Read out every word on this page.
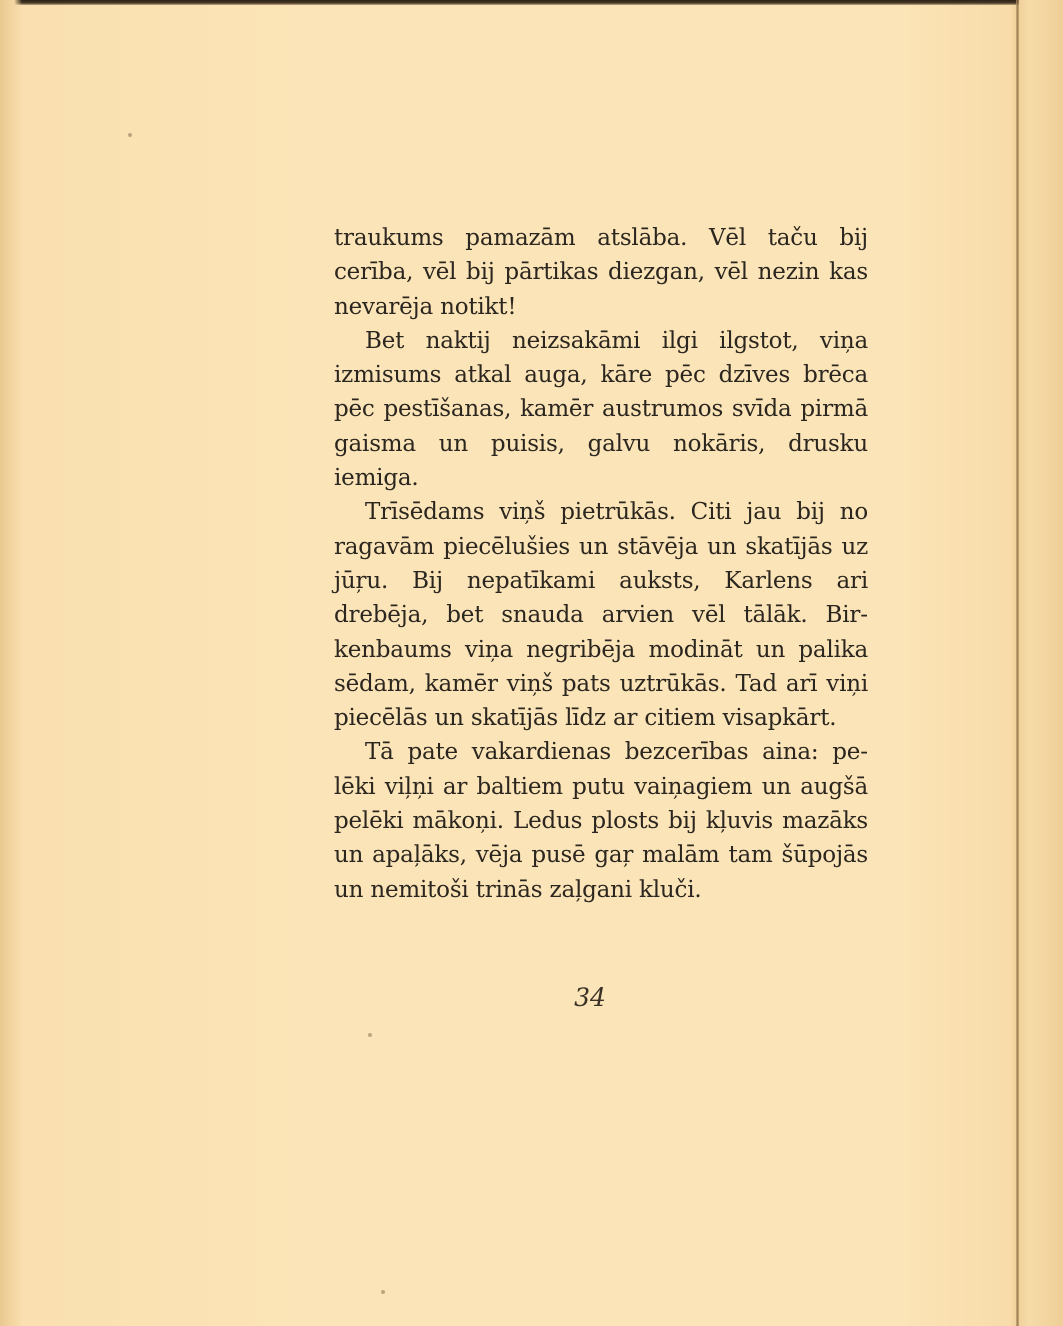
traukums pamazām atslāba. Vēl taču bij cerība, vēl bij pārtikas diezgan, vēl nezin kas nevarēja notikt!

Bet naktij neizsakāmi ilgi ilgstot, viņa izmisums atkal auga, kāre pēc dzīves brēca pēc pestīšanas, kamēr austrumos svīda pirmā gaisma un puisis, galvu nokāris, drusku iemiga.

Trīsēdams viņš pietrūkās. Citi jau bij no ragavām piecēlušies un stāvēja un skatījās uz jūŗu. Bij nepatīkami auksts, Karlens ari drebēja, bet snauda arvien vēl tālāk. Birkenbaums viņa negribēja modināt un palika sēdam, kamēr viņš pats uztrūkās. Tad arī viņi piecēlās un skatījās līdz ar citiem visapkārt.

Tā pate vakardienas bezcerības aina: pelēki viļņi ar baltiem putu vaiņagiem un augšā pelēki mākoņi. Ledus plosts bij kļuvis mazāks un apaļāks, vēja pusē gaŗ malām tam šūpojās un nemitoši trinās zaļgani kluči.

34
